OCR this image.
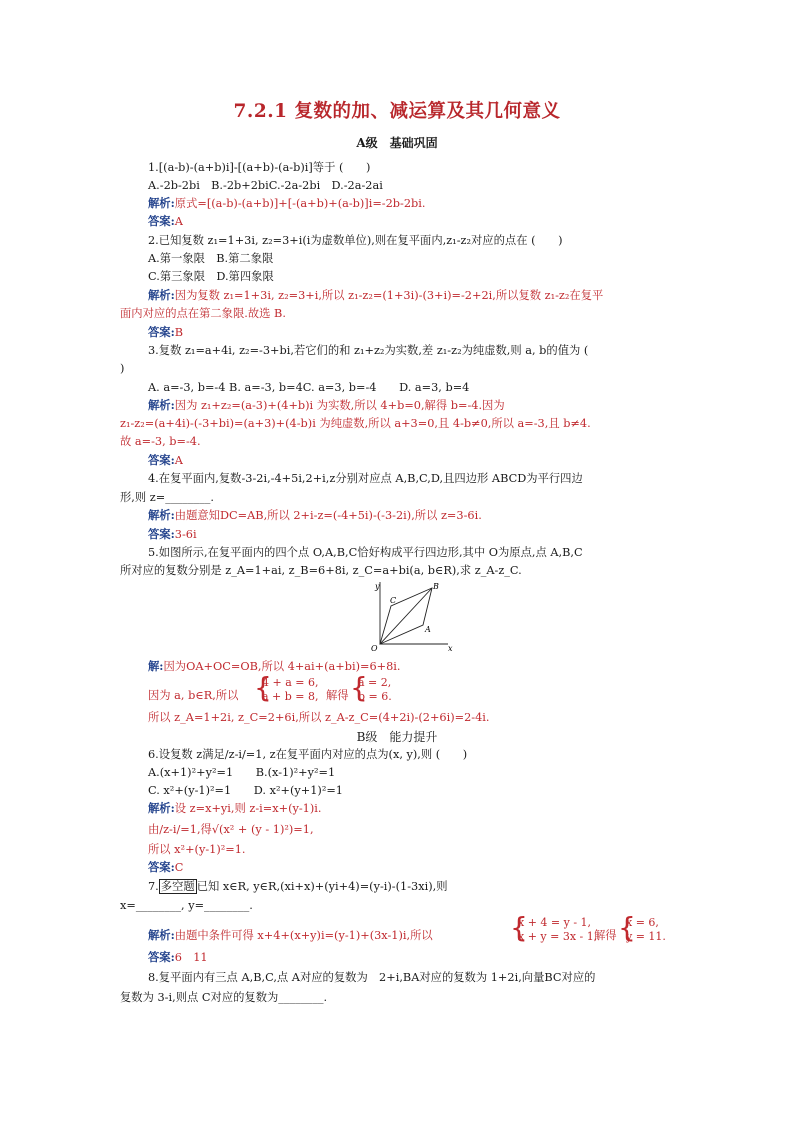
7.2.1 复数的加、减运算及其几何意义
A级　基础巩固
1.[(a-b)-(a+b)i]-[(a+b)-(a-b)i]等于 (　　)
A.-2b-2bi　B.-2b+2biC.-2a-2bi　D.-2a-2ai
解析:原式=[(a-b)-(a+b)]+[-(a+b)+(a-b)]i=-2b-2bi.
答案:A
2.已知复数 z₁=1+3i, z₂=3+i(i为虚数单位),则在复平面内,z₁-z₂对应的点在 (　　)
A.第一象限　B.第二象限
C.第三象限　D.第四象限
解析:因为复数 z₁=1+3i, z₂=3+i,所以 z₁-z₂=(1+3i)-(3+i)=-2+2i,所以复数 z₁-z₂在复平
面内对应的点在第二象限.故选 B.
答案:B
3.复数 z₁=a+4i, z₂=-3+bi,若它们的和 z₁+z₂为实数,差 z₁-z₂为纯虚数,则 a, b的值为 (
)
A. a=-3, b=-4 B. a=-3, b=4C. a=3, b=-4　　D. a=3, b=4
解析:因为 z₁+z₂=(a-3)+(4+b)i 为实数,所以 4+b=0,解得 b=-4.因为
z₁-z₂=(a+4i)-(-3+bi)=(a+3)+(4-b)i 为纯虚数,所以 a+3=0,且 4-b≠0,所以 a=-3,且 b≠4.
故 a=-3, b=-4.
答案:A
4.在复平面内,复数-3-2i,-4+5i,2+i,z分别对应点 A,B,C,D,且四边形 ABCD为平行四边
形,则 z=________.
解析:由题意知DC=AB,所以 2+i-z=(-4+5i)-(-3-2i),所以 z=3-6i.
答案:3-6i
5.如图所示,在复平面内的四个点 O,A,B,C恰好构成平行四边形,其中 O为原点,点 A,B,C
所对应的复数分别是 z_A=1+ai, z_B=6+8i, z_C=a+bi(a, b∈R),求 z_A-z_C.
y
x
O
A
B
C
解:因为OA+OC=OB,所以 4+ai+(a+bi)=6+8i.
因为 a, b∈R,所以 {
4 + a = 6,
a + b = 8, 解得 {
a = 2,
b = 6.
所以 z_A=1+2i, z_C=2+6i,所以 z_A-z_C=(4+2i)-(2+6i)=2-4i.
B级　能力提升
6.设复数 z满足/z-i/=1, z在复平面内对应的点为(x, y),则 (　　)
A.(x+1)²+y²=1　　B.(x-1)²+y²=1
C. x²+(y-1)²=1　　D. x²+(y+1)²=1
解析:设 z=x+yi,则 z-i=x+(y-1)i.
由/z-i/=1,得√(x² + (y - 1)²)=1,
所以 x²+(y-1)²=1.
答案:C
7. 多空题 已知 x∈R, y∈R,(xi+x)+(yi+4)=(y-i)-(1-3xi),则
x=________, y=________.
解析:由题中条件可得 x+4+(x+y)i=(y-1)+(3x-1)i,所以	{
x + 4 = y - 1,
x + y = 3x - 1,
解得 {
x = 6,
y = 11.
答案:6　11
8.复平面内有三点 A,B,C,点 A对应的复数为　2+i,BA对应的复数为 1+2i,向量BC对应的
复数为 3-i,则点 C对应的复数为________.
